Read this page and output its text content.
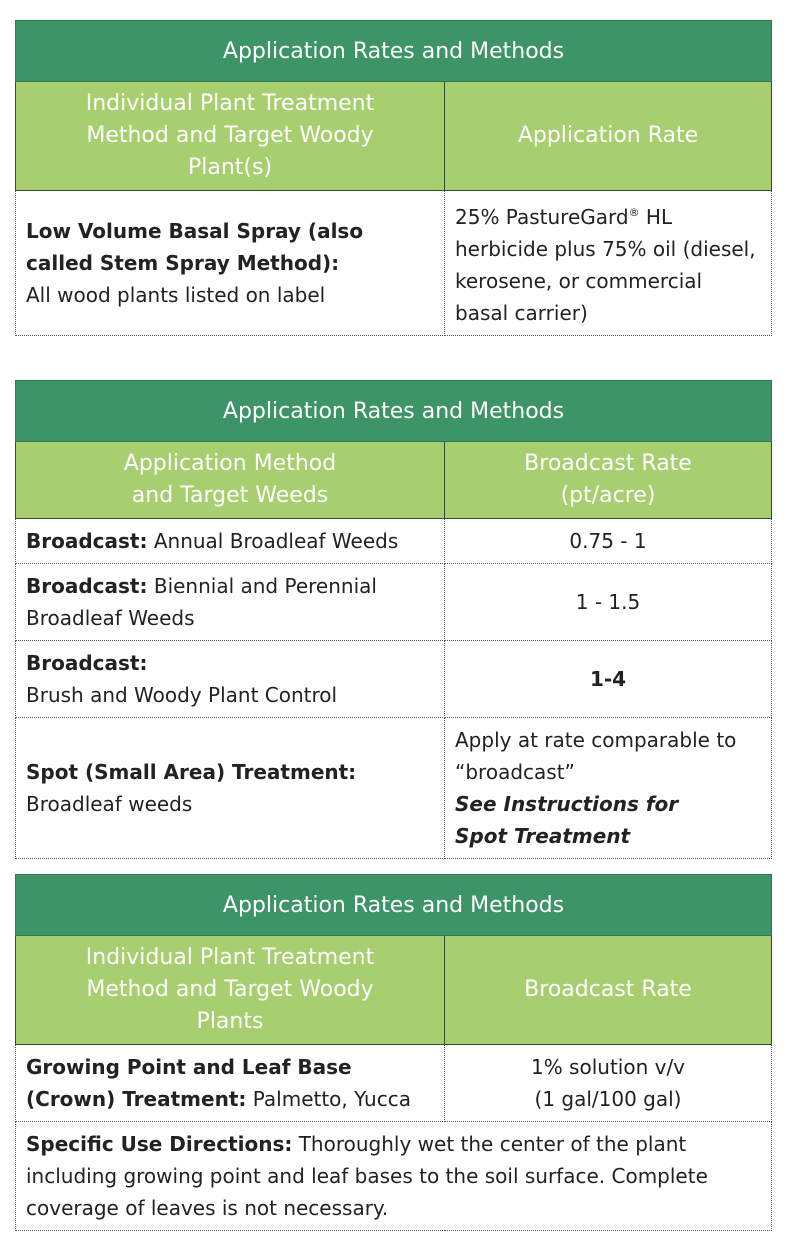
Application Rates and Methods	
Individual Plant Treatment Method and Target Woody Plant(s)	Application Rate

Low Volume Basal Spray (also called Stem Spray Method):
All wood plants listed on label	25% PastureGard® HL herbicide plus 75% oil (diesel, kerosene, or commercial basal carrier)
Application Rates and Methods	
Application Method and Target Weeds	Broadcast Rate (pt/acre)
Broadcast: Annual Broadleaf Weeds	0.75 - 1
Broadcast: Biennial and Perennial Broadleaf Weeds	1 - 1.5

Broadcast:
Brush and Woody Plant Control	1-4

Spot (Small Area) Treatment:
Broadleaf weeds	Apply at rate comparable to “broadcast”
See Instructions for Spot Treatment
Application Rates and Methods	
Individual Plant Treatment Method and Target Woody Plants	Broadcast Rate
Growing Point and Leaf Base (Crown) Treatment: Palmetto, Yucca	1% solution v/v
(1 gal/100 gal)

Specific Use Directions: Thoroughly wet the center of the plant including growing point and leaf bases to the soil surface. Complete coverage of leaves is not necessary.	
